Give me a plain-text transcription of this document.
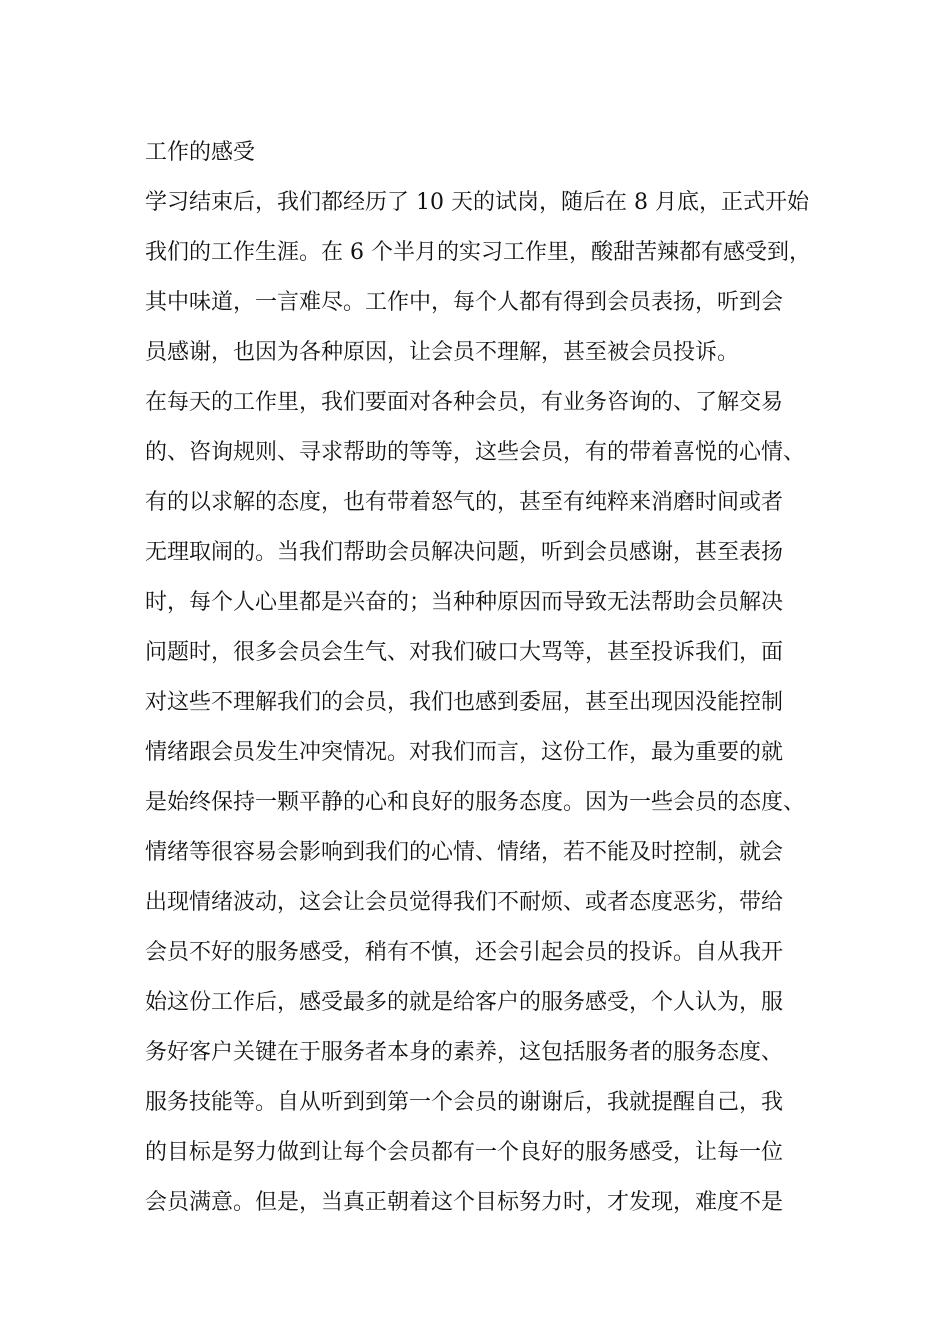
工作的感受
学习结束后，我们都经历了 10 天的试岗，随后在 8 月底，正式开始
我们的工作生涯。在 6 个半月的实习工作里，酸甜苦辣都有感受到，
其中味道，一言难尽。工作中，每个人都有得到会员表扬，听到会
员感谢，也因为各种原因，让会员不理解，甚至被会员投诉。
在每天的工作里，我们要面对各种会员，有业务咨询的、了解交易
的、咨询规则、寻求帮助的等等，这些会员，有的带着喜悦的心情、
有的以求解的态度，也有带着怒气的，甚至有纯粹来消磨时间或者
无理取闹的。当我们帮助会员解决问题，听到会员感谢，甚至表扬
时，每个人心里都是兴奋的；当种种原因而导致无法帮助会员解决
问题时，很多会员会生气、对我们破口大骂等，甚至投诉我们，面
对这些不理解我们的会员，我们也感到委屈，甚至出现因没能控制
情绪跟会员发生冲突情况。对我们而言，这份工作，最为重要的就
是始终保持一颗平静的心和良好的服务态度。因为一些会员的态度、
情绪等很容易会影响到我们的心情、情绪，若不能及时控制，就会
出现情绪波动，这会让会员觉得我们不耐烦、或者态度恶劣，带给
会员不好的服务感受，稍有不慎，还会引起会员的投诉。自从我开
始这份工作后，感受最多的就是给客户的服务感受，个人认为，服
务好客户关键在于服务者本身的素养，这包括服务者的服务态度、
服务技能等。自从听到到第一个会员的谢谢后，我就提醒自己，我
的目标是努力做到让每个会员都有一个良好的服务感受，让每一位
会员满意。但是，当真正朝着这个目标努力时，才发现，难度不是
